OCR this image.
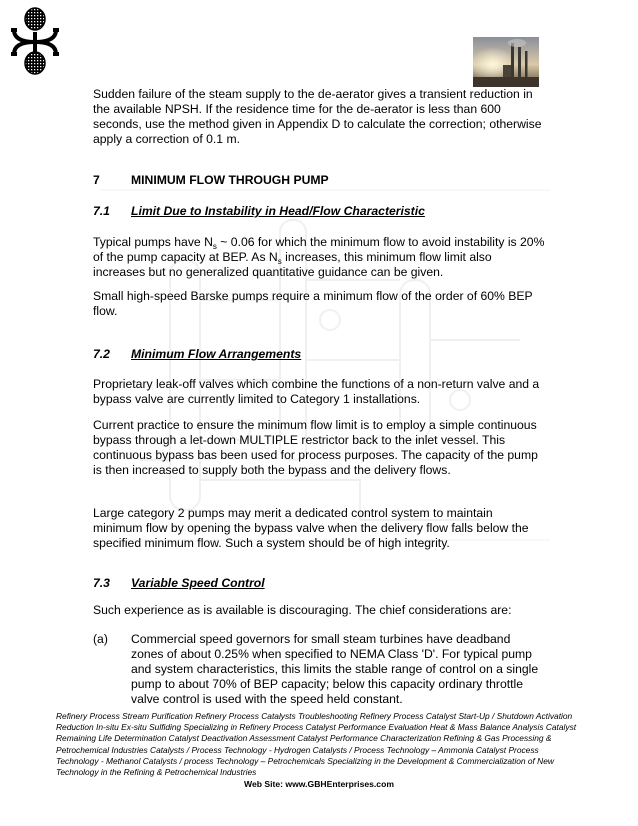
Sudden failure of the steam supply to the de-aerator gives a transient reduction in the available NPSH. If the residence time for the de-aerator is less than 600 seconds, use the method given in Appendix D to calculate the correction; otherwise apply a correction of 0.1 m.

7	MINIMUM FLOW THROUGH PUMP
7.1 Limit Due to Instability in Head/Flow Characteristic

Typical pumps have $N_s$ ~ 0.06 for which the minimum flow to avoid instability is 20% of the pump capacity at BEP. As $N_s$ increases, this minimum flow limit also increases but no generalized quantitative guidance can be given.

Small high-speed Barske pumps require a minimum flow of the order of 60% BEP flow.

7.2 Minimum Flow Arrangements

Proprietary leak-off valves which combine the functions of a non-return valve and a bypass valve are currently limited to Category 1 installations.

Current practice to ensure the minimum flow limit is to employ a simple continuous bypass through a let-down MULTIPLE restrictor back to the inlet vessel. This continuous bypass bas been used for process purposes. The capacity of the pump is then increased to supply both the bypass and the delivery flows.

Large category 2 pumps may merit a dedicated control system to maintain minimum flow by opening the bypass valve when the delivery flow falls below the specified minimum flow. Such a system should be of high integrity.

7.3 Variable Speed Control

Such experience as is available is discouraging. The chief considerations are:

(a) Commercial speed governors for small steam turbines have deadband zones of about 0.25% when specified to NEMA Class 'D'. For typical pump and system characteristics, this limits the stable range of control on a single pump to about 70% of BEP capacity; below this capacity ordinary throttle valve control is used with the speed held constant.
Refinery Process Stream Purification Refinery Process Catalysts Troubleshooting Refinery Process Catalyst Start-Up / Shutdown Activation Reduction In-situ Ex-situ Sulfiding Specializing in Refinery Process Catalyst Performance Evaluation Heat & Mass Balance Analysis Catalyst Remaining Life Determination Catalyst Deactivation Assessment Catalyst Performance Characterization Refining & Gas Processing & Petrochemical Industries Catalysts / Process Technology - Hydrogen Catalysts / Process Technology – Ammonia Catalyst Process Technology - Methanol Catalysts / process Technology – Petrochemicals Specializing in the Development & Commercialization of New Technology in the Refining & Petrochemical Industries
Web Site: www.GBHEnterprises.com
